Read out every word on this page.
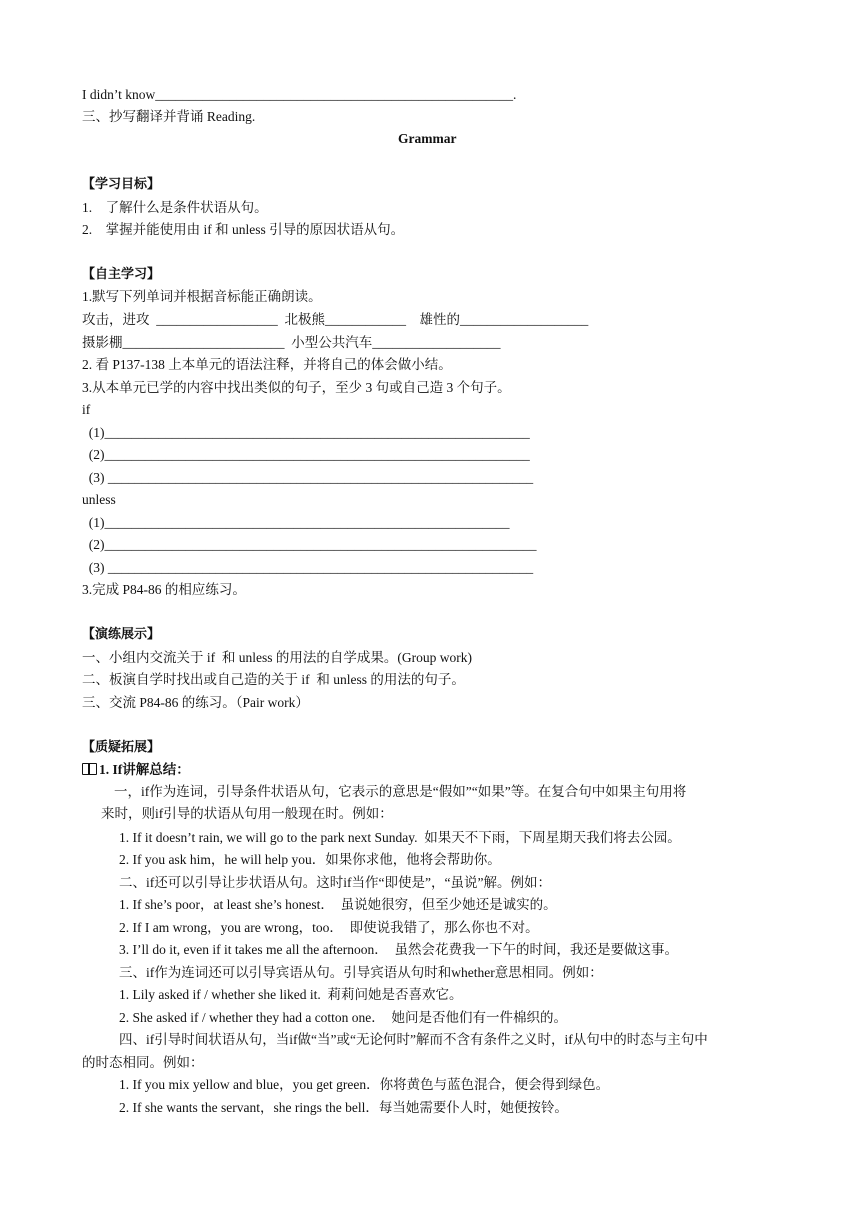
I didn’t know_____________________________________________________.
三、抄写翻译并背诵 Reading.
Grammar
【学习目标】
1.    了解什么是条件状语从句。
2.    掌握并能使用由 if 和 unless 引导的原因状语从句。
【自主学习】
1.默写下列单词并根据音标能正确朗读。
攻击，进攻  __________________  北极熊____________    雄性的___________________
摄影棚________________________  小型公共汽车___________________
2. 看 P137-138 上本单元的语法注释，并将自己的体会做小结。
3.从本单元已学的内容中找出类似的句子，至少 3 句或自己造 3 个句子。
if
(1)_______________________________________________________________
(2)_______________________________________________________________
(3) _______________________________________________________________
unless
(1)____________________________________________________________
(2)________________________________________________________________
(3) _______________________________________________________________
3.完成 P84-86 的相应练习。
【演练展示】
一、小组内交流关于 if  和 unless 的用法的自学成果。(Group work)
二、板演自学时找出或自己造的关于 if  和 unless 的用法的句子。
三、交流 P84-86 的练习。（Pair work）
【质疑拓展】
1. If讲解总结：
一，if作为连词，引导条件状语从句，它表示的意思是“假如”“如果”等。在复合句中如果主句用将
来时，则if引导的状语从句用一般现在时。例如：
1. If it doesn’t rain, we will go to the park next Sunday.  如果天不下雨，下周星期天我们将去公园。
2. If you ask him，he will help you．如果你求他，他将会帮助你。
二、if还可以引导让步状语从句。这时if当作“即使是”，“虽说”解。例如：
1. If she’s poor，at least she’s honest．  虽说她很穷，但至少她还是诚实的。
2. If I am wrong，you are wrong，too．  即使说我错了，那么你也不对。
3. I’ll do it, even if it takes me all the afternoon．  虽然会花费我一下午的时间，我还是要做这事。
三、if作为连词还可以引导宾语从句。引导宾语从句时和whether意思相同。例如：
1. Lily asked if / whether she liked it.  莉莉问她是否喜欢它。
2. She asked if / whether they had a cotton one．  她问是否他们有一件棉织的。
四、if引导时间状语从句，当if做“当”或“无论何时”解而不含有条件之义时，if从句中的时态与主句中
的时态相同。例如：
1. If you mix yellow and blue，you get green．你将黄色与蓝色混合，便会得到绿色。
2. If she wants the servant，she rings the bell．每当她需要仆人时，她便按铃。
